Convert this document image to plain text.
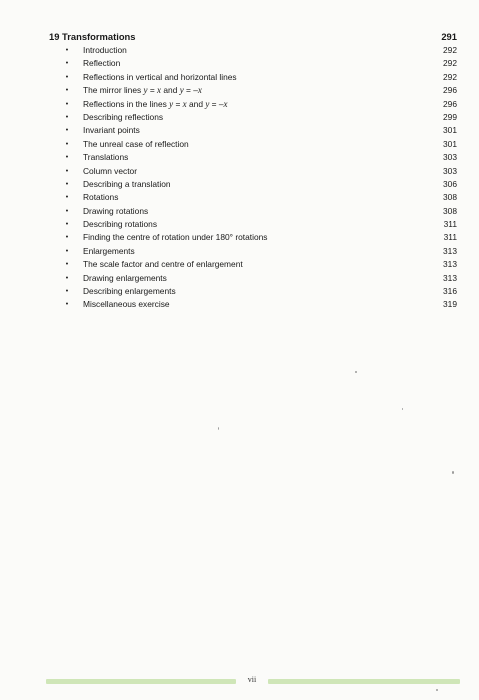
19 Transformations	291
• Introduction	292
• Reflection	292
• Reflections in vertical and horizontal lines	292
• The mirror lines y = x and y = –x	296
• Reflections in the lines y = x and y = –x	296
• Describing reflections	299
• Invariant points	301
• The unreal case of reflection	301
• Translations	303
• Column vector	303
• Describing a translation	306
• Rotations	308
• Drawing rotations	308
• Describing rotations	311
• Finding the centre of rotation under 180° rotations	311
• Enlargements	313
• The scale factor and centre of enlargement	313
• Drawing enlargements	313
• Describing enlargements	316
• Miscellaneous exercise	319
vii
